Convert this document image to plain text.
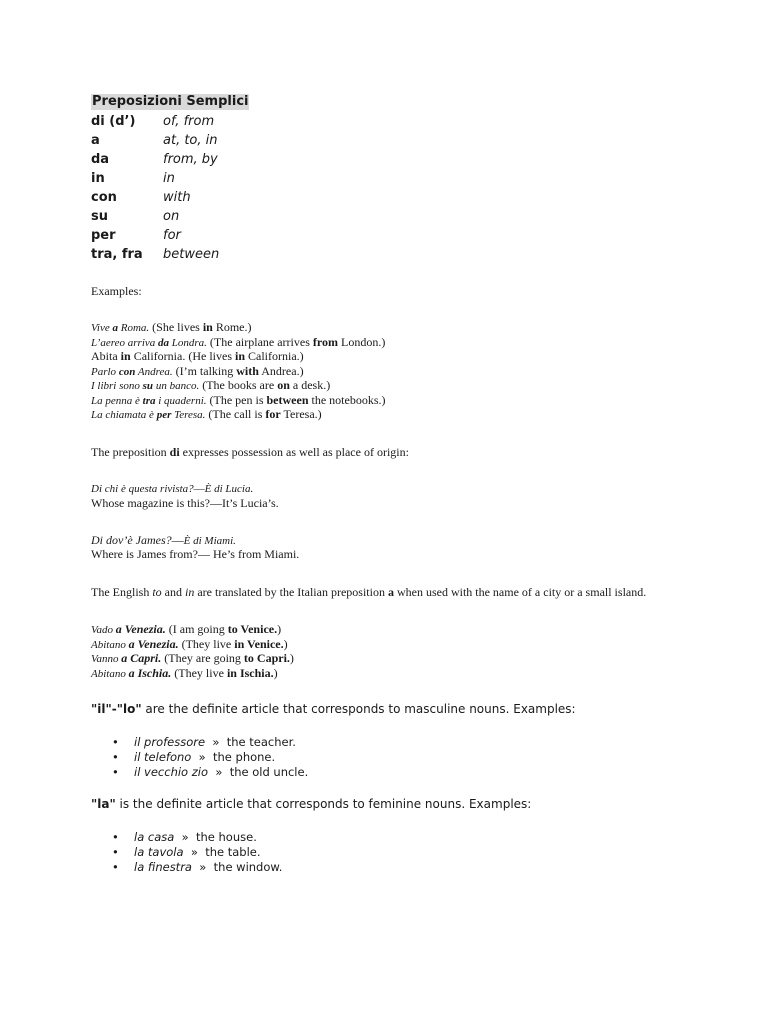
Preposizioni Semplici
di (d’)	of, from
a	at, to, in
da	from, by
in	in
con	with
su	on
per	for
tra, fra	between
Examples:
Vive a Roma. (She lives in Rome.)
L’aereo arriva da Londra. (The airplane arrives from London.)
Abita in California. (He lives in California.)
Parlo con Andrea. (I’m talking with Andrea.)
I libri sono su un banco. (The books are on a desk.)
La penna è tra i quaderni. (The pen is between the notebooks.)
La chiamata è per Teresa. (The call is for Teresa.)
The preposition di expresses possession as well as place of origin:
Di chi è questa rivista?—È di Lucia.
Whose magazine is this?—It’s Lucia’s.
Di dov’è James?—È di Miami.
Where is James from?— He’s from Miami.
The English to and in are translated by the Italian preposition a when used with the name of a city or a small island.
Vado a Venezia. (I am going to Venice.)
Abitano a Venezia. (They live in Venice.)
Vanno a Capri. (They are going to Capri.)
Abitano a Ischia. (They live in Ischia.)
"il"-"lo" are the definite article that corresponds to masculine nouns. Examples:
•	il professore » the teacher.
•	il telefono » the phone.
•	il vecchio zio » the old uncle.
"la" is the definite article that corresponds to feminine nouns. Examples:
•	la casa » the house.
•	la tavola » the table.
•	la finestra » the window.
